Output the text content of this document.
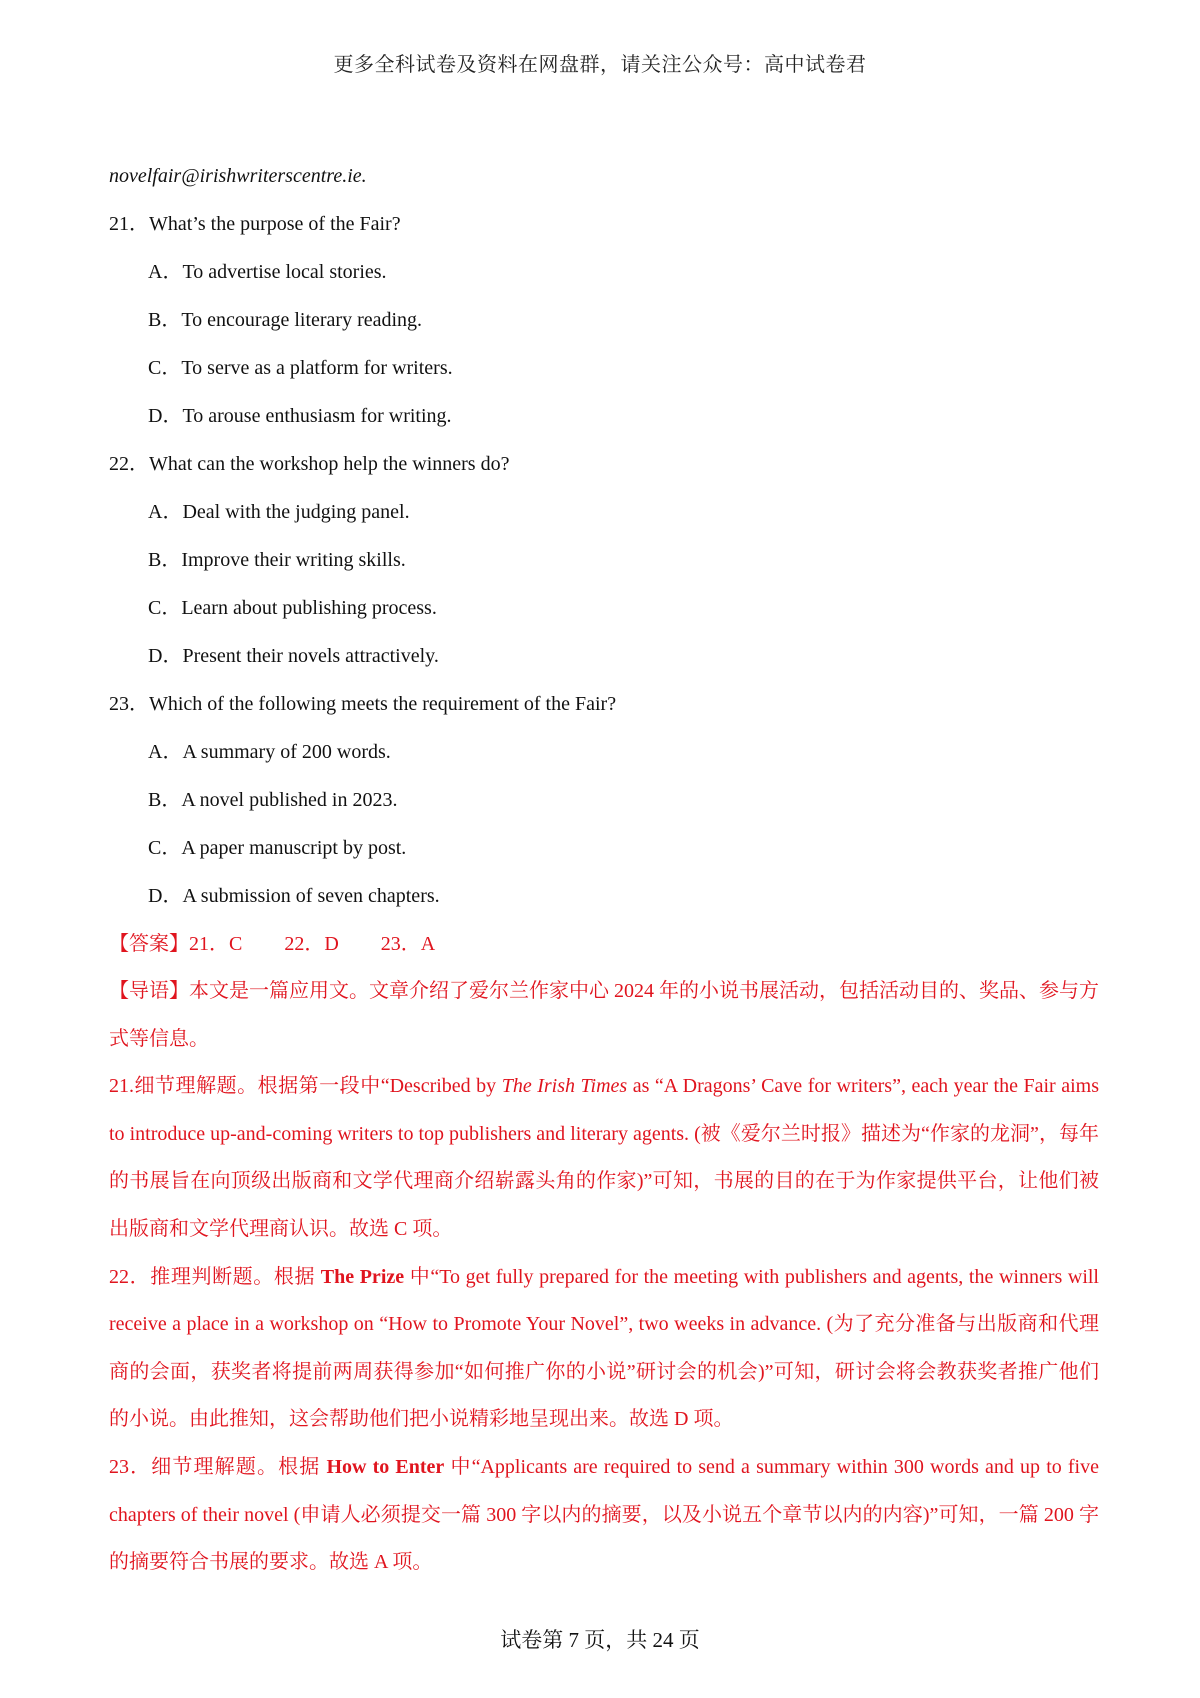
更多全科试卷及资料在网盘群，请关注公众号：高中试卷君
novelfair@irishwriterscentre.ie.
21．What’s the purpose of the Fair?
A．To advertise local stories.
B．To encourage literary reading.
C．To serve as a platform for writers.
D．To arouse enthusiasm for writing.
22．What can the workshop help the winners do?
A．Deal with the judging panel.
B．Improve their writing skills.
C．Learn about publishing process.
D．Present their novels attractively.
23．Which of the following meets the requirement of the Fair?
A．A summary of 200 words.
B．A novel published in 2023.
C．A paper manuscript by post.
D．A submission of seven chapters.
【答案】21．C 22．D 23．A

【导语】本文是一篇应用文。文章介绍了爱尔兰作家中心 2024 年的小说书展活动，包括活动目的、奖品、参与方式等信息。

21.细节理解题。根据第一段中“Described by The Irish Times as “A Dragons’ Cave for writers”, each year the Fair aims to introduce up-and-coming writers to top publishers and literary agents. (被《爱尔兰时报》描述为“作家的龙洞”，每年的书展旨在向顶级出版商和文学代理商介绍崭露头角的作家)”可知，书展的目的在于为作家提供平台，让他们被出版商和文学代理商认识。故选 C 项。

22．推理判断题。根据 The Prize 中“To get fully prepared for the meeting with publishers and agents, the winners will receive a place in a workshop on “How to Promote Your Novel”, two weeks in advance. (为了充分准备与出版商和代理商的会面，获奖者将提前两周获得参加“如何推广你的小说”研讨会的机会)”可知，研讨会将会教获奖者推广他们的小说。由此推知，这会帮助他们把小说精彩地呈现出来。故选 D 项。

23．细节理解题。根据 How to Enter 中“Applicants are required to send a summary within 300 words and up to five chapters of their novel (申请人必须提交一篇 300 字以内的摘要，以及小说五个章节以内的内容)”可知，一篇 200 字的摘要符合书展的要求。故选 A 项。

试卷第 7 页，共 24 页
